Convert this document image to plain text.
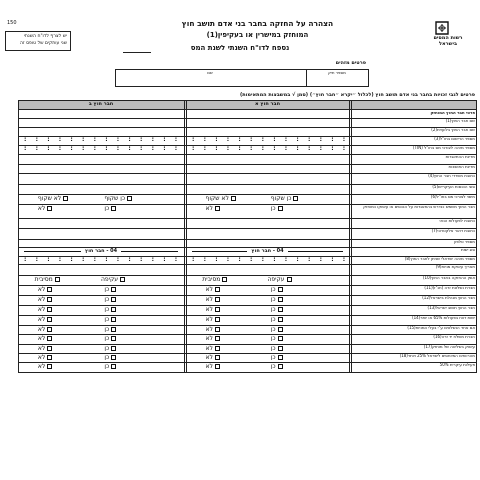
150
יש לצרף לדו"ח השנתי
שני עותקים של טופס זה
רשות המסים בישראל
הצהרה על החזקה בחבר בני אדם תושב חוץ
המוחזק במישרין או בעקיפין(1)
נספח לדו"ח השנתי לשנת המס
פרטים מזהים
מספר תיק
שם
פרטים לגבי זכויות בחבר בני אדם תושב חוץ (לכלול ״יקרא ״חבר חוץ״) (סמן √ במשבצות המתאימות)
חבר חוץ א
חבר חוץ ב
פרטי חבר החוץ המוחזק
שם חבר החוץ(1)
שם חבר החוץ בלועזית(2)
מספר הרישום בחו"ל(3)
::::::::::::::
::::::::::::::
מספר מזהה לצורכי מס בחו"ל (TIN)
::::::::::::::
::::::::::::::
מדינת ההתאגדות
מדינת התושבות
כתובת משרדי חבר החוץ(4)
סוגי הכנסות העיקריים(5)
מיסוי לצורכי מס בחו"ל(6)
כן שקוף
לא שקוף
כן שקוף
לא שקוף
חבר החוץ משמש כנדרש בהתאגדות על הנכסים או עיסוקו כמוחזק
כן
לא
כן
לא
כתובת לפעולות הנאי
כתובת דואר אלקטרוני(7)
מספר טלפון
סוג ישות
04 - חבר חוץ
04 - חבר חוץ
מספר מזהה ישראלי שניתן לחבר החוץ(8)
::::::::::::::
::::::::::::::
תאריך עיסקת מניות(9)
אופן ההחזקה בחבר החוץ(10)
עקיפה
מסיבית
עקיפה
מסיבית
חברת נשלטת זרה (חנ"ז)(11)
כן
לא
כן
לא
חבר החוץ מנהלת בישראל(12)
כן
לא
כן
לא
חבר החוץ תושב ישראל(13)
כן
לא
כן
לא
ישות דווח בפעולות 65% או יותר(14)
כן
לא
כן
לא
אם אחד הנשלטים ע"י בעלי המניות(15)
כן
לא
כן
לא
חברת משלח יד זרה(16)
כן
לא
כן
לא
עיסוק בשליטה של מוחזק(17)
כן
לא
כן
לא
מהרווחים המיוחסים לישראל 25% ויותר(18)
כן
לא
כן
לא
פעילות עיקרית 50%
כן
לא
כן
לא
